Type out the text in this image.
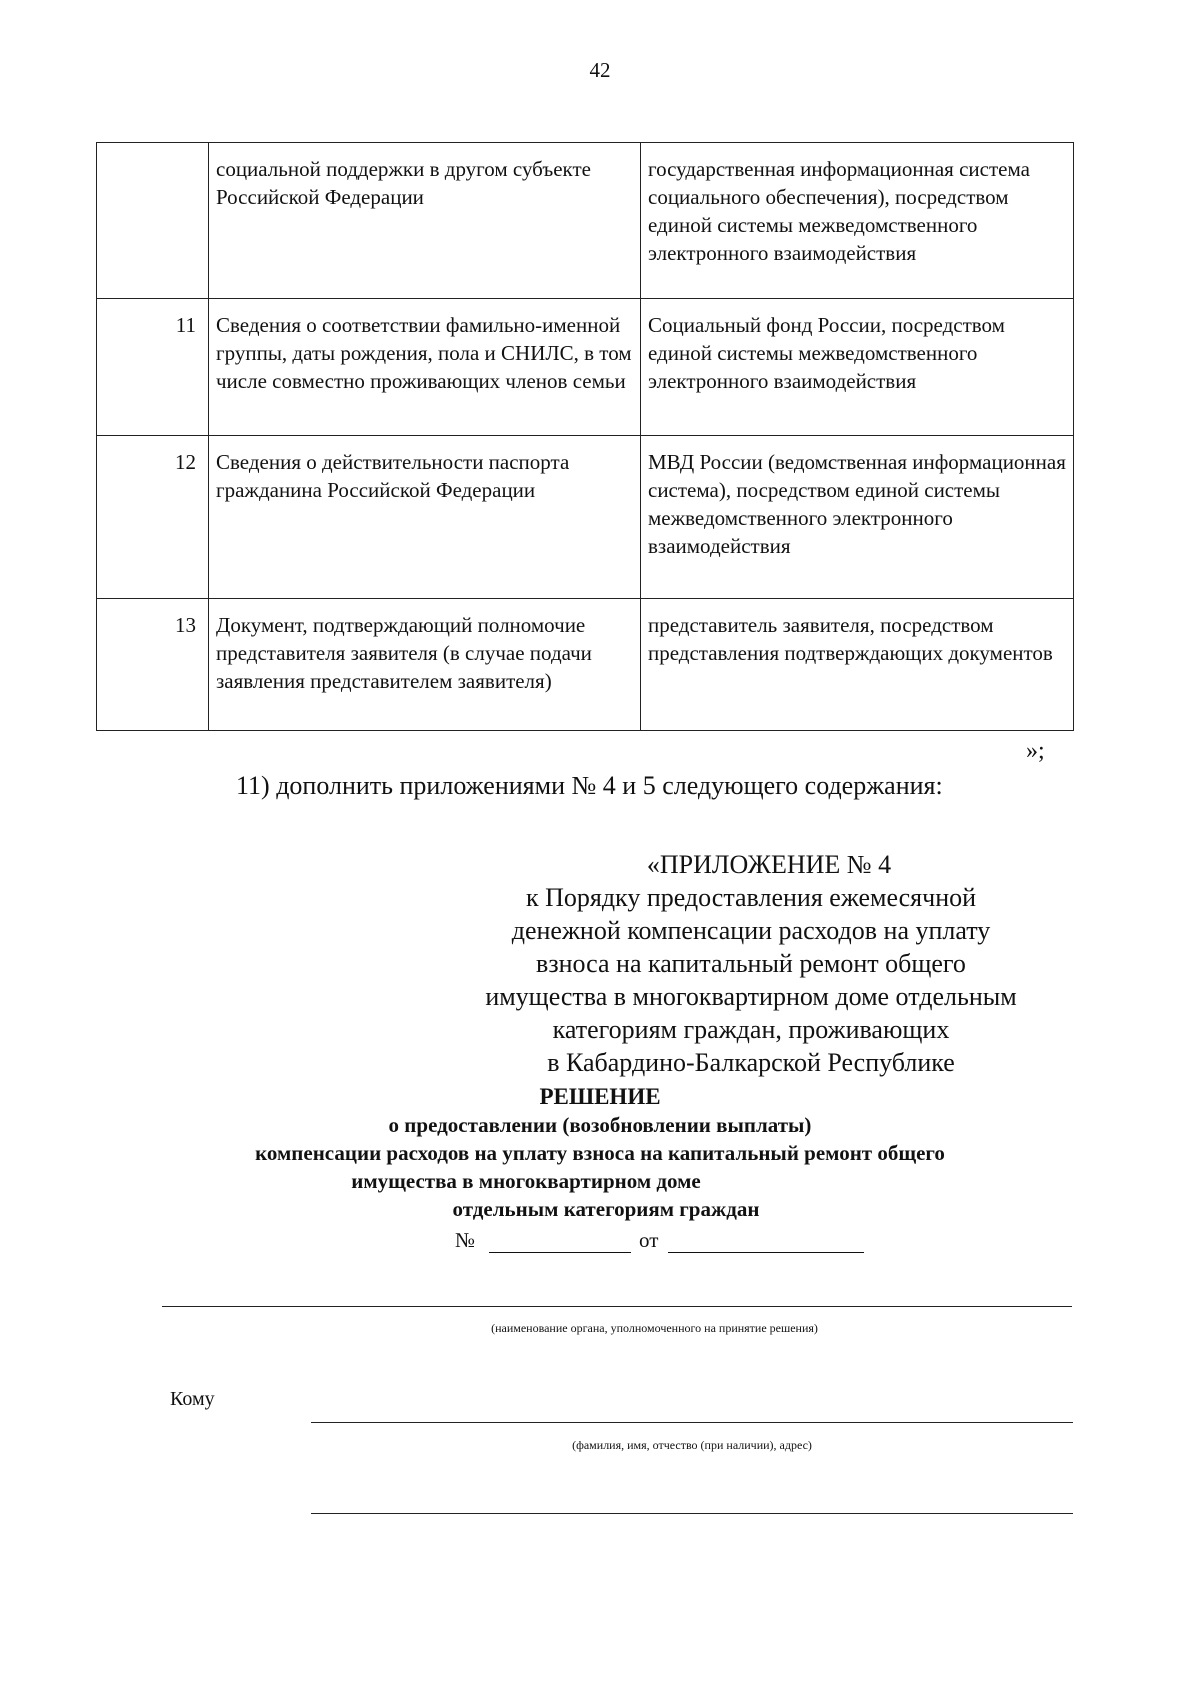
42
	социальной поддержки в другом субъекте Российской Федерации	государственная информационная система социального обеспечения), посредством единой системы межведомственного электронного взаимодействия
11	Сведения о соответствии фамильно-именной группы, даты рождения, пола и СНИЛС, в том числе совместно проживающих членов семьи	Социальный фонд России, посредством единой системы межведомственного электронного взаимодействия
12	Сведения о действительности паспорта гражданина Российской Федерации	МВД России (ведомственная информационная система), посредством единой системы межведомственного электронного взаимодействия
13	Документ, подтверждающий полномочие представителя заявителя (в случае подачи заявления представителем заявителя)	представитель заявителя, посредством представления подтверждающих документов
»;
11) дополнить приложениями № 4 и 5 следующего содержания:
«ПРИЛОЖЕНИЕ № 4
к Порядку предоставления ежемесячной
денежной компенсации расходов на уплату
взноса на капитальный ремонт общего
имущества в многоквартирном доме отдельным
категориям граждан, проживающих
в Кабардино-Балкарской Республике
РЕШЕНИЕ
о предоставлении (возобновлении выплаты)
компенсации расходов на уплату взноса на капитальный ремонт общего
имущества в многоквартирном доме
отдельным категориям граждан
№	от
(наименование органа, уполномоченного на принятие решения)
Кому
(фамилия, имя, отчество (при наличии), адрес)
